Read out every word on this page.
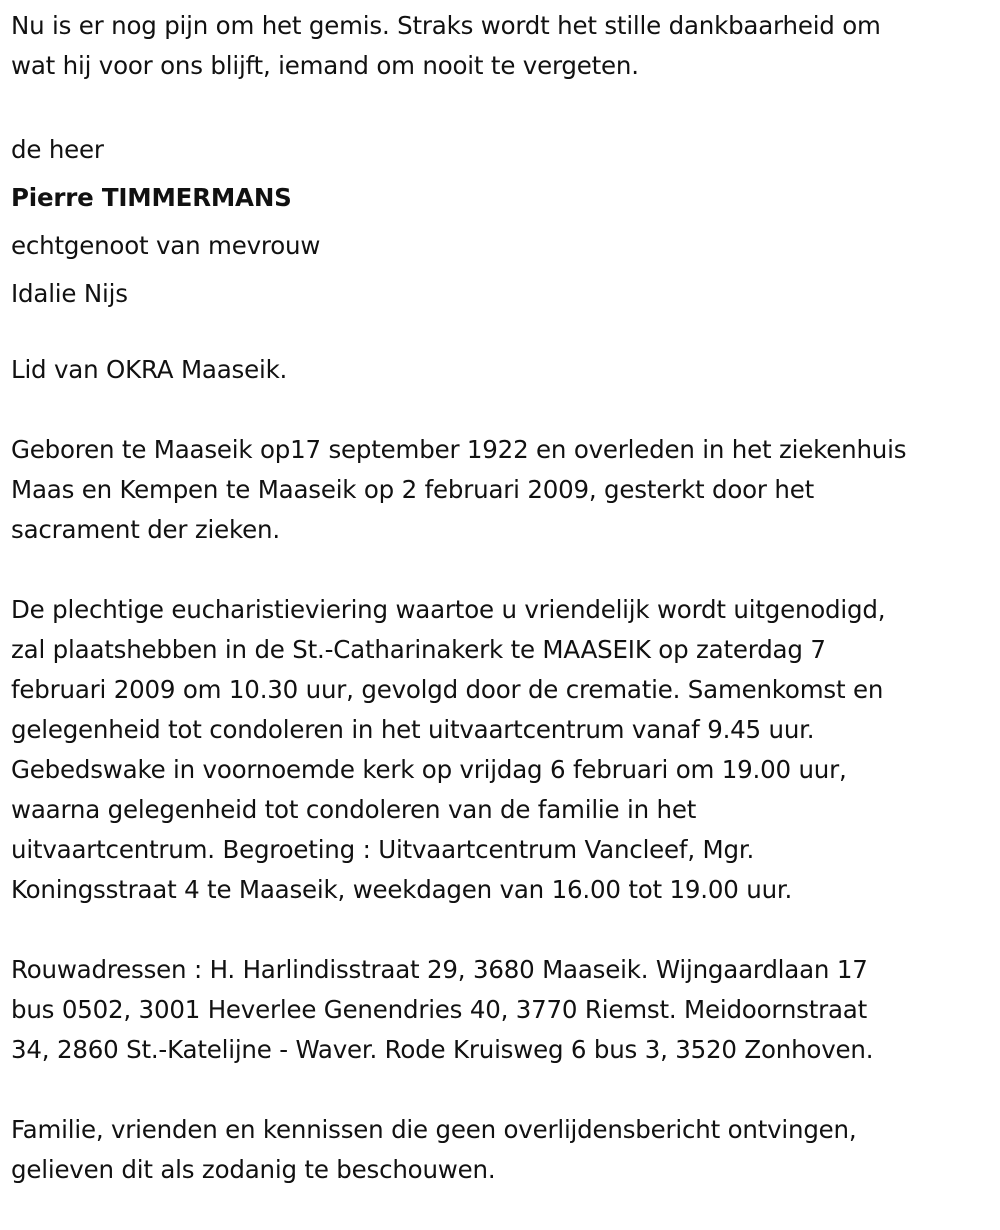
Nu is er nog pijn om het gemis. Straks wordt het stille dankbaarheid om
wat hij voor ons blijft, iemand om nooit te vergeten.

de heer
Pierre TIMMERMANS
echtgenoot van mevrouw
Idalie Nijs

Lid van OKRA Maaseik.

Geboren te Maaseik op17 september 1922 en overleden in het ziekenhuis
Maas en Kempen te Maaseik op 2 februari 2009, gesterkt door het
sacrament der zieken.

De plechtige eucharistieviering waartoe u vriendelijk wordt uitgenodigd,
zal plaatshebben in de St.-Catharinakerk te MAASEIK op zaterdag 7
februari 2009 om 10.30 uur, gevolgd door de crematie. Samenkomst en
gelegenheid tot condoleren in het uitvaartcentrum vanaf 9.45 uur.
Gebedswake in voornoemde kerk op vrijdag 6 februari om 19.00 uur,
waarna gelegenheid tot condoleren van de familie in het
uitvaartcentrum. Begroeting : Uitvaartcentrum Vancleef, Mgr.
Koningsstraat 4 te Maaseik, weekdagen van 16.00 tot 19.00 uur.

Rouwadressen : H. Harlindisstraat 29, 3680 Maaseik. Wijngaardlaan 17
bus 0502, 3001 Heverlee Genendries 40, 3770 Riemst. Meidoornstraat
34, 2860 St.-Katelijne - Waver. Rode Kruisweg 6 bus 3, 3520 Zonhoven.

Familie, vrienden en kennissen die geen overlijdensbericht ontvingen,
gelieven dit als zodanig te beschouwen.
